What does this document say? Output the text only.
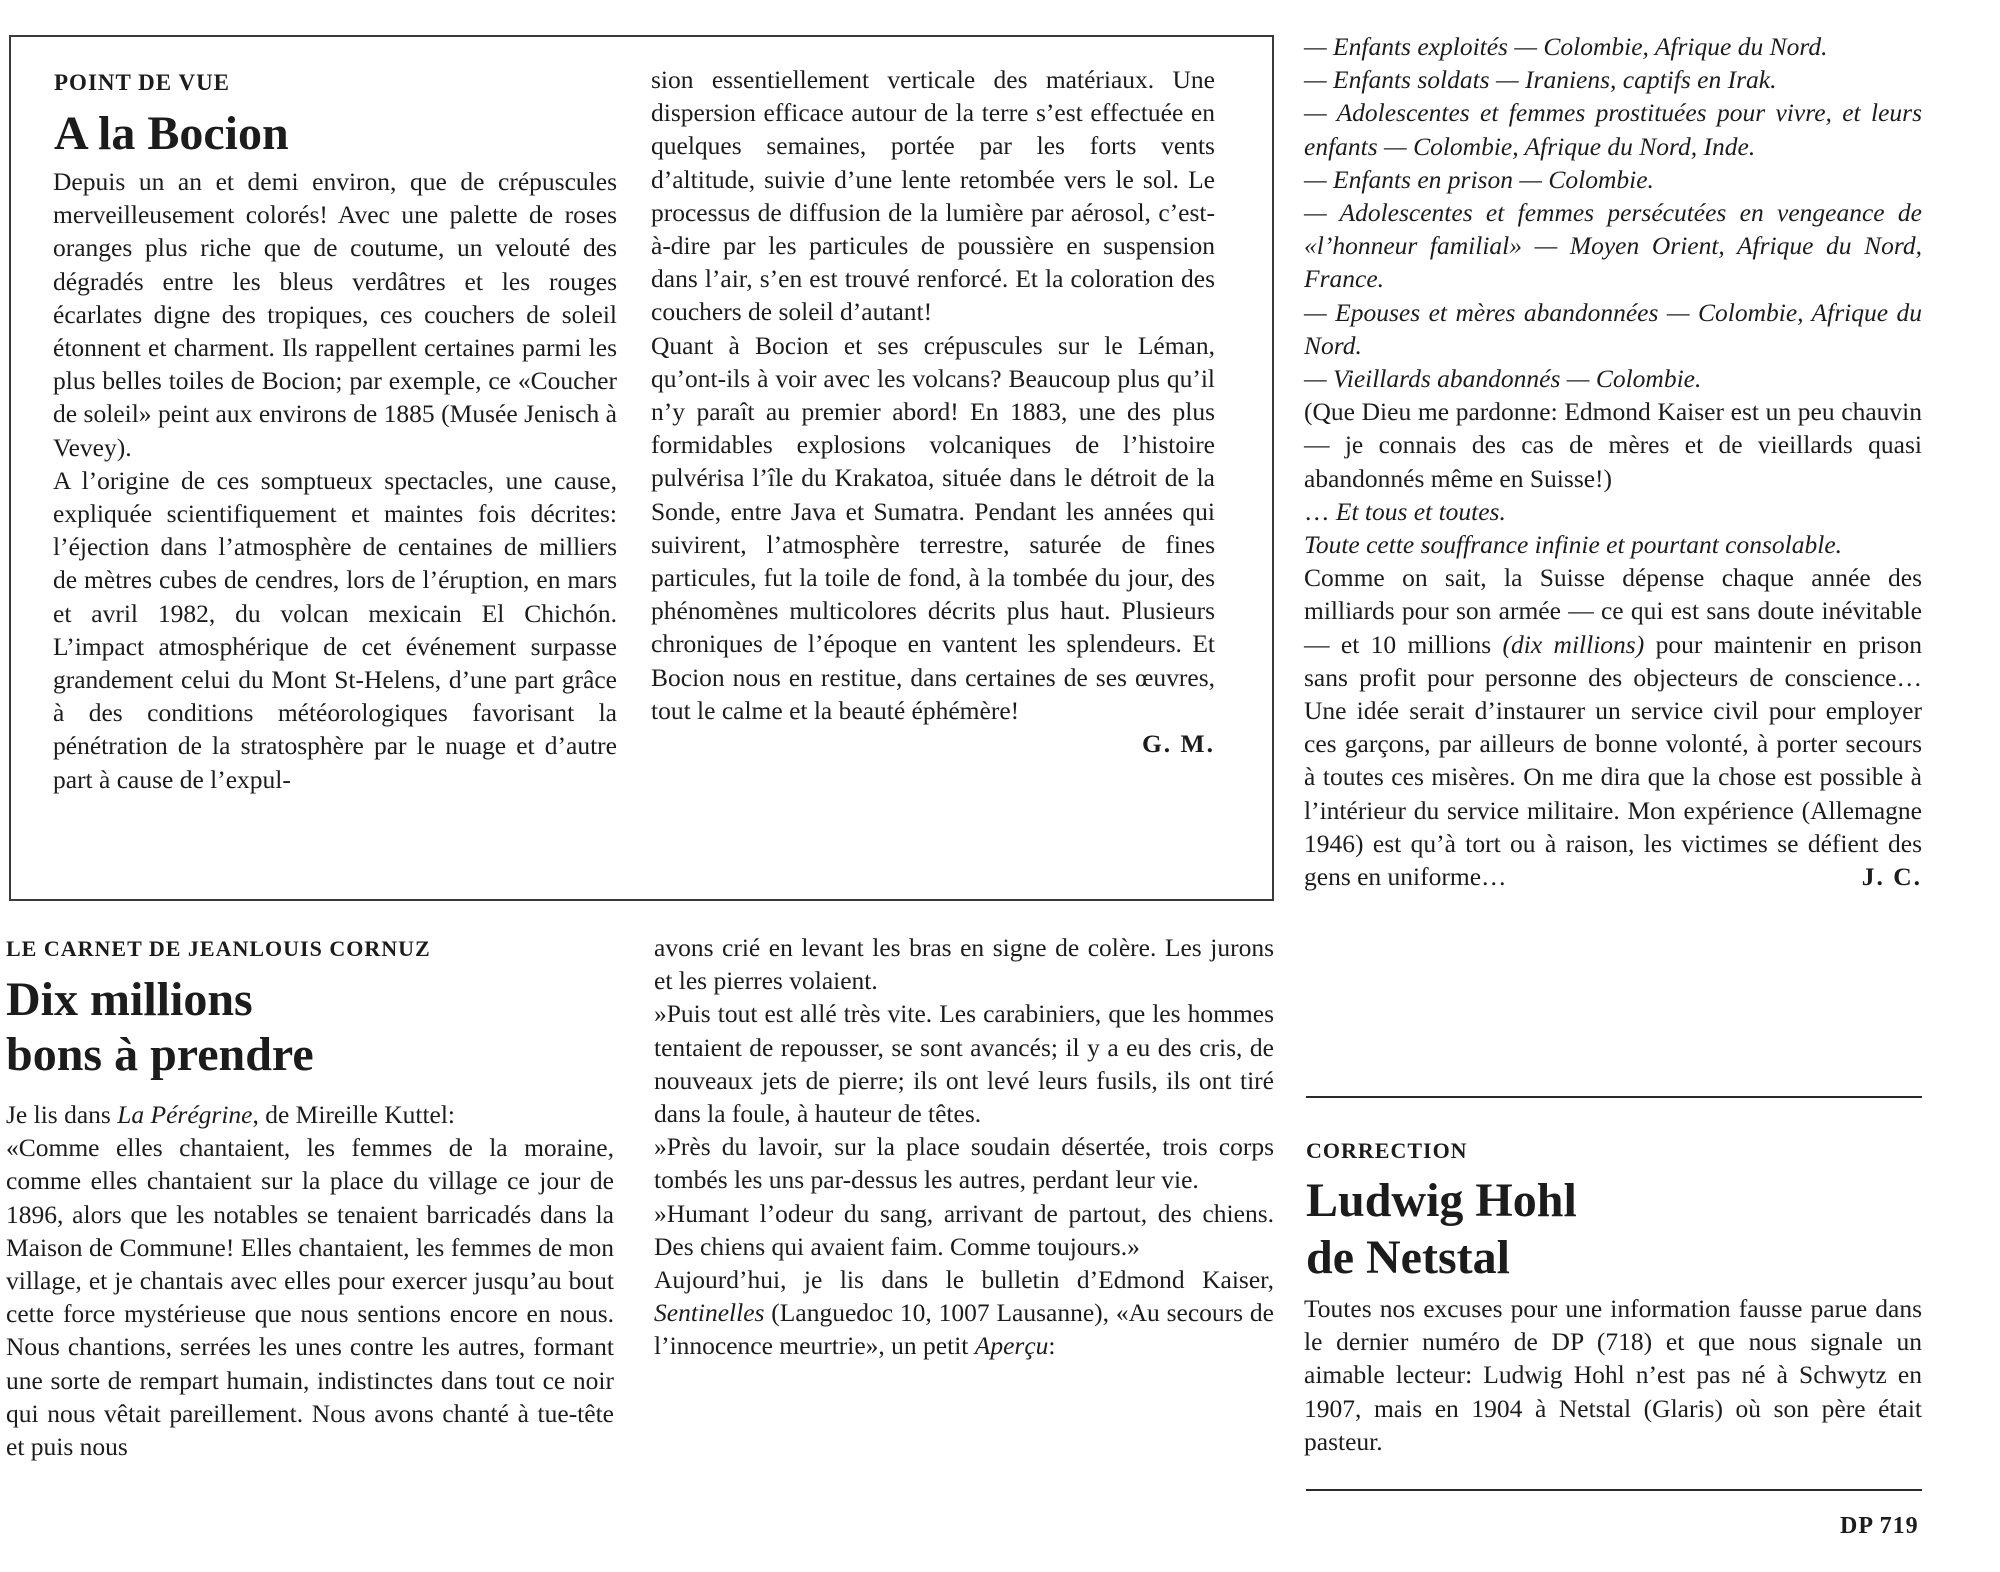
POINT DE VUE
A la Bocion

Depuis un an et demi environ, que de crépuscules merveilleusement colorés! Avec une palette de roses oranges plus riche que de coutume, un velouté des dégradés entre les bleus verdâtres et les rouges écarlates digne des tropiques, ces couchers de soleil étonnent et charment. Ils rappellent certaines parmi les plus belles toiles de Bocion; par exemple, ce «Coucher de soleil» peint aux environs de 1885 (Musée Jenisch à Vevey).

A l’origine de ces somptueux spectacles, une cause, expliquée scientifiquement et maintes fois décrites: l’éjection dans l’atmosphère de centaines de milliers de mètres cubes de cendres, lors de l’éruption, en mars et avril 1982, du volcan mexicain El Chichón. L’impact atmosphérique de cet événement surpasse grandement celui du Mont St-Helens, d’une part grâce à des conditions météorologiques favorisant la pénétration de la stratosphère par le nuage et d’autre part à cause de l’expul-

sion essentiellement verticale des matériaux. Une dispersion efficace autour de la terre s’est effectuée en quelques semaines, portée par les forts vents d’altitude, suivie d’une lente retombée vers le sol. Le processus de diffusion de la lumière par aérosol, c’est-à-dire par les particules de poussière en suspension dans l’air, s’en est trouvé renforcé. Et la coloration des couchers de soleil d’autant!

Quant à Bocion et ses crépuscules sur le Léman, qu’ont-ils à voir avec les volcans? Beaucoup plus qu’il n’y paraît au premier abord! En 1883, une des plus formidables explosions volcaniques de l’histoire pulvérisa l’île du Krakatoa, située dans le détroit de la Sonde, entre Java et Sumatra. Pendant les années qui suivirent, l’atmosphère terrestre, saturée de fines particules, fut la toile de fond, à la tombée du jour, des phénomènes multicolores décrits plus haut. Plusieurs chroniques de l’époque en vantent les splendeurs. Et Bocion nous en restitue, dans certaines de ses œuvres, tout le calme et la beauté éphémère!

G. M.

LE CARNET DE JEANLOUIS CORNUZ
Dix millions
bons à prendre

Je lis dans La Pérégrine, de Mireille Kuttel:

«Comme elles chantaient, les femmes de la moraine, comme elles chantaient sur la place du village ce jour de 1896, alors que les notables se tenaient barricadés dans la Maison de Commune! Elles chantaient, les femmes de mon village, et je chantais avec elles pour exercer jusqu’au bout cette force mystérieuse que nous sentions encore en nous. Nous chantions, serrées les unes contre les autres, formant une sorte de rempart humain, indistinctes dans tout ce noir qui nous vêtait pareillement. Nous avons chanté à tue-tête et puis nous

avons crié en levant les bras en signe de colère. Les jurons et les pierres volaient.

»Puis tout est allé très vite. Les carabiniers, que les hommes tentaient de repousser, se sont avancés; il y a eu des cris, de nouveaux jets de pierre; ils ont levé leurs fusils, ils ont tiré dans la foule, à hauteur de têtes.

»Près du lavoir, sur la place soudain désertée, trois corps tombés les uns par-dessus les autres, perdant leur vie.

»Humant l’odeur du sang, arrivant de partout, des chiens. Des chiens qui avaient faim. Comme toujours.»

Aujourd’hui, je lis dans le bulletin d’Edmond Kaiser, Sentinelles (Languedoc 10, 1007 Lausanne), «Au secours de l’innocence meurtrie», un petit Aperçu:

— Enfants exploités — Colombie, Afrique du Nord.

— Enfants soldats — Iraniens, captifs en Irak.

— Adolescentes et femmes prostituées pour vivre, et leurs enfants — Colombie, Afrique du Nord, Inde.

— Enfants en prison — Colombie.

— Adolescentes et femmes persécutées en vengeance de «l’honneur familial» — Moyen Orient, Afrique du Nord, France.

— Epouses et mères abandonnées — Colombie, Afrique du Nord.

— Vieillards abandonnés — Colombie.

(Que Dieu me pardonne: Edmond Kaiser est un peu chauvin — je connais des cas de mères et de vieillards quasi abandonnés même en Suisse!)

… Et tous et toutes.

Toute cette souffrance infinie et pourtant consolable.

Comme on sait, la Suisse dépense chaque année des milliards pour son armée — ce qui est sans doute inévitable — et 10 millions (dix millions) pour maintenir en prison sans profit pour personne des objecteurs de conscience… Une idée serait d’instaurer un service civil pour employer ces garçons, par ailleurs de bonne volonté, à porter secours à toutes ces misères. On me dira que la chose est possible à l’intérieur du service militaire. Mon expérience (Allemagne 1946) est qu’à tort ou à raison, les victimes se défient des gens en uniforme…	J. C.

CORRECTION
Ludwig Hohl
de Netstal
Toutes nos excuses pour une information fausse parue dans le dernier numéro de DP (718) et que nous signale un aimable lecteur: Ludwig Hohl n’est pas né à Schwytz en 1907, mais en 1904 à Netstal (Glaris) où son père était pasteur.
DP 719
